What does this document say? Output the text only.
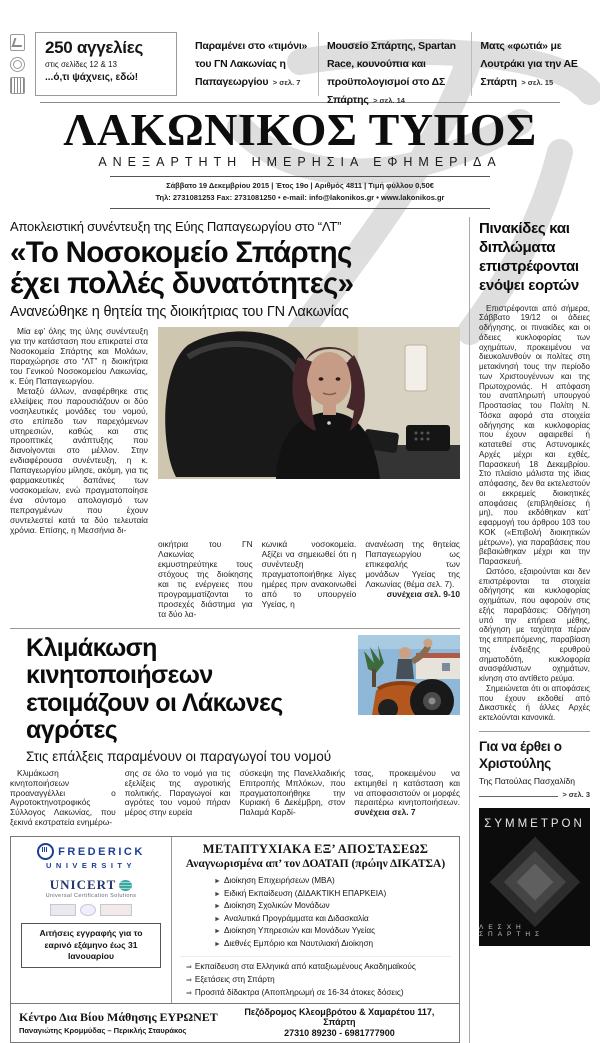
250 αγγελίες
στις σελίδες 12 & 13
...ό,τι ψάχνεις, εδώ!
Παραμένει στο «τιμόνι» του ΓΝ Λακωνίας η Παπαγεωργίου > σελ. 7
Μουσείο Σπάρτης, Spartan Race, κουνούπια και προϋπολογισμοί στο ΔΣ Σπάρτης > σελ. 14
Ματς «φωτιά» με Λουτράκι για την ΑΕ Σπάρτη > σελ. 15
ΛΑΚΩΝΙΚΟΣ ΤΥΠΟΣ
ΑΝΕΞΑΡΤΗΤΗ ΗΜΕΡΗΣΙΑ ΕΦΗΜΕΡΙΔΑ
Σάββατο 19 Δεκεμβρίου 2015 | Έτος 19ο | Αριθμός 4811 | Τιμή φύλλου 0,50€
Τηλ: 2731081253 Fax: 2731081250 • e-mail: info@lakonikos.gr • www.lakonikos.gr
Αποκλειστική συνέντευξη της Εύης Παπαγεωργίου στο “ΛΤ”
«Το Νοσοκομείο Σπάρτης
έχει πολλές δυνατότητες»
Ανανεώθηκε η θητεία της διοικήτριας του ΓΝ Λακωνίας

Μία εφ’ όλης της ύλης συνέντευξη για την κατάσταση που επικρατεί στα Νοσοκομεία Σπάρτης και Μολάων, παραχώρησε στο “ΛΤ” η διοικήτρια του Γενικού Νοσοκομείου Λακωνίας, κ. Εύη Παπαγεωργίου.

Μεταξύ άλλων, αναφέρθηκε στις ελλείψεις που παρουσιάζουν οι δύο νοσηλευτικές μονάδες του νομού, στο επίπεδο των παρεχόμενων υπηρεσιών, καθώς και στις προοπτικές ανάπτυξης που διανοίγονται στο μέλλον. Στην ενδιαφέρουσα συνέντευξη, η κ. Παπαγεωργίου μίλησε, ακόμη, για τις φαρμακευτικές δαπάνες των νοσοκομείων, ενώ πραγματοποίησε ένα σύντομο απολογισμό των πεπραγμένων που έχουν συντελεστεί κατά τα δύο τελευταία χρόνια. Επίσης, η Μεσσήνια δι-

οικήτρια του ΓΝ Λακωνίας εκμυστηρεύτηκε τους στόχους της διοίκησης και τις ενέργειες που προγραμματίζονται το προσεχές διάστημα για τα δύο λα-

κωνικά νοσοκομεία. Αξίζει να σημειωθεί ότι η συνέντευξη πραγματοποιήθηκε λίγες ημέρες πριν ανακοινωθεί από το υπουργείο Υγείας, η

ανανέωση της θητείας Παπαγεωργίου ως επικεφαλής των μονάδων Υγείας της Λακωνίας (θέμα σελ. 7).

συνέχεια σελ. 9-10

Κλιμάκωση κινητοποιήσεων
ετοιμάζουν οι Λάκωνες αγρότες
Στις επάλξεις παραμένουν οι παραγωγοί του νομού

Κλιμάκωση κινητοποιήσεων προαναγγέλλει ο Αγροτοκτηνοτροφικός Σύλλογος Λακωνίας, που ξεκινά εκστρατεία ενημέρω-

σης σε όλο το νομό για τις εξελίξεις της αγροτικής πολιτικής. Παραγωγοί και αγρότες του νομού πήραν μέρος στην ευρεία

σύσκεψη της Πανελλαδικής Επιτροπής Μπλόκων, που πραγματοποιήθηκε την Κυριακή 6 Δεκέμβρη, στον Παλαμά Καρδί-

τσας, προκειμένου να εκτιμηθεί η κατάσταση και να αποφασιστούν οι μορφές περαιτέρω κινητοποιήσεων. συνέχεια σελ. 7

FREDERICK
UNIVERSITY
UNICERT
Universal Certification Solutions
Αιτήσεις εγγραφής για το εαρινό εξάμηνο έως 31 Ιανουαρίου
ΜΕΤΑΠΤΥΧΙΑΚΑ ΕΞ’ ΑΠΟΣΤΑΣΕΩΣ
Αναγνωρισμένα απ’ τον ΔΟΑΤΑΠ (πρώην ΔΙΚΑΤΣΑ)
► Διοίκηση Επιχειρήσεων (MBA)
► Ειδική Εκπαίδευση (ΔΙΔΑΚΤΙΚΗ ΕΠΑΡΚΕΙΑ)
► Διοίκηση Σχολικών Μονάδων
► Αναλυτικά Προγράμματα και Διδασκαλία
► Διοίκηση Υπηρεσιών και Μονάδων Υγείας
► Διεθνές Εμπόριο και Ναυτιλιακή Διοίκηση
⇒ Εκπαίδευση στα Ελληνικά από καταξιωμένους Ακαδημαϊκούς
⇒ Εξετάσεις στη Σπάρτη
⇒ Προσιτά δίδακτρα (Αποπληρωμή σε 16-34 άτοκες δόσεις)
Κέντρο Δια Βίου Μάθησης ΕΥΡΩΝΕΤ
Παναγιώτης Κρομμύδας – Περικλής Σταυράκος
Πεζόδρομος Κλεομβρότου & Χαμαρέτου 117, Σπάρτη
27310 89230 - 6981777900
Πινακίδες και διπλώματα επιστρέφονται ενόψει εορτών

Επιστρέφονται από σήμερα, Σάββατο 19/12 οι άδειες οδήγησης, οι πινακίδες και οι άδειες κυκλοφορίας των οχημάτων, προκειμένου να διευκολυνθούν οι πολίτες στη μετακίνησή τους την περίοδο των Χριστουγέννων και της Πρωτοχρονιάς. Η απόφαση του αναπληρωτή υπουργού Προστασίας του Πολίτη Ν. Τόσκα αφορά στα στοιχεία οδήγησης και κυκλοφορίας που έχουν αφαιρεθεί ή κατατεθεί στις Αστυνομικές Αρχές μέχρι και εχθές, Παρασκευή 18 Δεκεμβρίου. Στο πλαίσιο μάλιστα της ίδιας απόφασης, δεν θα εκτελεστούν οι εκκρεμείς διοικητικές αποφάσεις (επιβληθείσες ή μη), που εκδόθηκαν κατ’ εφαρμογή του άρθρου 103 του ΚΟΚ («Επιβολή διοικητικών μέτρων»), για παραβάσεις που βεβαιώθηκαν μέχρι και την Παρασκευή.

Ωστόσο, εξαιρούνται και δεν επιστρέφονται τα στοιχεία οδήγησης και κυκλοφορίας οχημάτων, που αφορούν στις εξής παραβάσεις: Οδήγηση υπό την επήρεια μέθης, οδήγηση με ταχύτητα πέραν της επιτρεπόμενης, παραβίαση της ένδειξης ερυθρού σηματοδότη, κυκλοφορία ανασφάλιστων οχημάτων, κίνηση στο αντίθετο ρεύμα.

Σημειώνεται ότι οι αποφάσεις που έχουν εκδοθεί από Δικαστικές ή άλλες Αρχές εκτελούνται κανονικά.

Για να έρθει ο Χριστούλης
Της Πατούλας Πασχαλίδη
> σελ. 3
ΣΥΜΜΕΤΡΟΝ
ΛΕΣΧΗ ΣΠΑΡΤΗΣ
